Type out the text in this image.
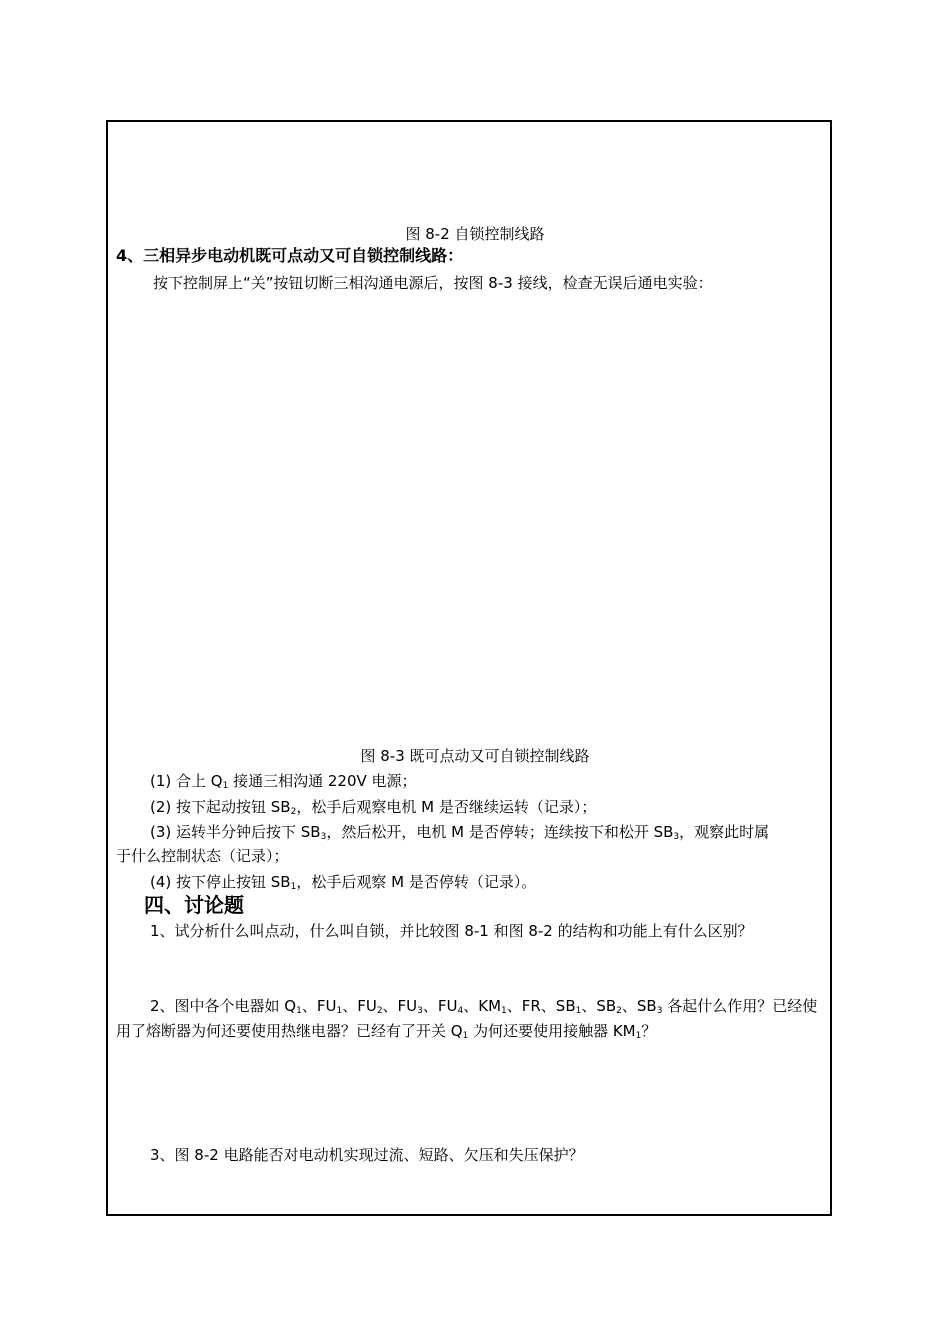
图 8-2 自锁控制线路
4、三相异步电动机既可点动又可自锁控制线路：
按下控制屏上“关”按钮切断三相沟通电源后，按图 8-3 接线，检查无误后通电实验：
图 8-3 既可点动又可自锁控制线路
(1) 合上 $Q_1$ 接通三相沟通 220V 电源；
(2) 按下起动按钮 $SB_2$，松手后观察电机 M 是否继续运转（记录）；
(3) 运转半分钟后按下 $SB_3$，然后松开，电机 M 是否停转；连续按下和松开 $SB_3$，观察此时属
于什么控制状态（记录）；
(4) 按下停止按钮 $SB_1$，松手后观察 M 是否停转（记录）。
四、讨论题
1、试分析什么叫点动，什么叫自锁，并比较图 8-1 和图 8-2 的结构和功能上有什么区别？
2、图中各个电器如 $Q_1$、$FU_1$、$FU_2$、$FU_3$、$FU_4$、$KM_1$、FR、$SB_1$、$SB_2$、$SB_3$ 各起什么作用？已经使
用了熔断器为何还要使用热继电器？已经有了开关 $Q_1$ 为何还要使用接触器 $KM_1$？
3、图 8-2 电路能否对电动机实现过流、短路、欠压和失压保护？
